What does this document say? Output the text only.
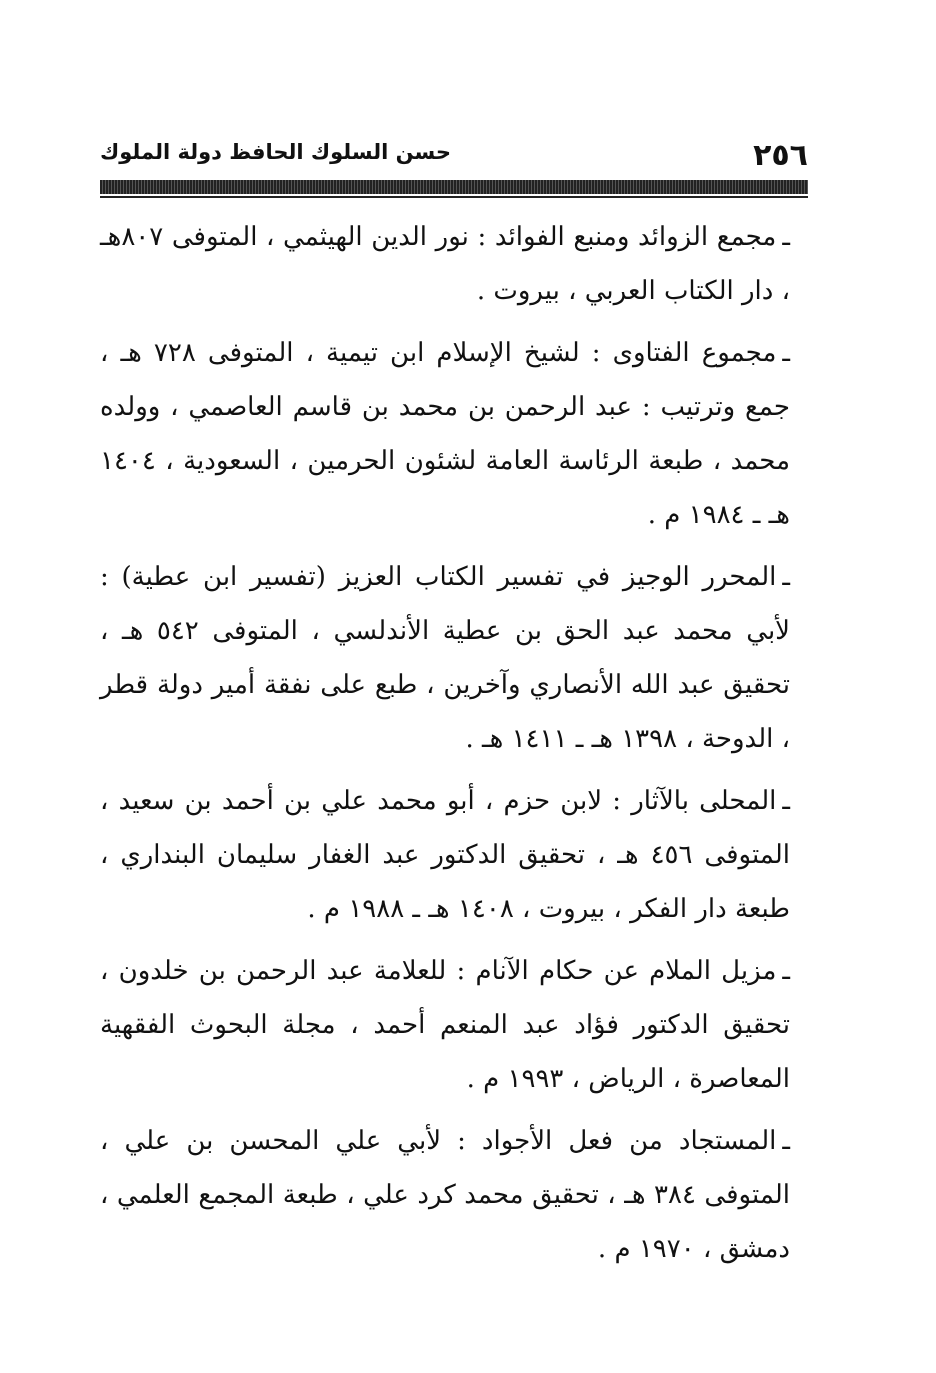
٢٥٦
حسن السلوك الحافظ دولة الملوك

ـمجمع الزوائد ومنبع الفوائد : نور الدين الهيثمي ، المتوفى ٨٠٧هـ ، دار الكتاب العربي ، بيروت .

ـمجموع الفتاوى : لشيخ الإسلام ابن تيمية ، المتوفى ٧٢٨ هـ ، جمع وترتيب : عبد الرحمن بن محمد بن قاسم العاصمي ، وولده محمد ، طبعة الرئاسة العامة لشئون الحرمين ، السعودية ، ١٤٠٤ هـ ـ ١٩٨٤ م .

ـالمحرر الوجيز في تفسير الكتاب العزيز (تفسير ابن عطية) : لأبي محمد عبد الحق بن عطية الأندلسي ، المتوفى ٥٤٢ هـ ، تحقيق عبد الله الأنصاري وآخرين ، طبع على نفقة أمير دولة قطر ، الدوحة ، ١٣٩٨ هـ ـ ١٤١١ هـ .

ـالمحلى بالآثار : لابن حزم ، أبو محمد علي بن أحمد بن سعيد ، المتوفى ٤٥٦ هـ ، تحقيق الدكتور عبد الغفار سليمان البنداري ، طبعة دار الفكر ، بيروت ، ١٤٠٨ هـ ـ ١٩٨٨ م .

ـمزيل الملام عن حكام الآنام : للعلامة عبد الرحمن بن خلدون ، تحقيق الدكتور فؤاد عبد المنعم أحمد ، مجلة البحوث الفقهية المعاصرة ، الرياض ، ١٩٩٣ م .

ـالمستجاد من فعل الأجواد : لأبي علي المحسن بن علي ، المتوفى ٣٨٤ هـ ، تحقيق محمد كرد علي ، طبعة المجمع العلمي ، دمشق ، ١٩٧٠ م .
